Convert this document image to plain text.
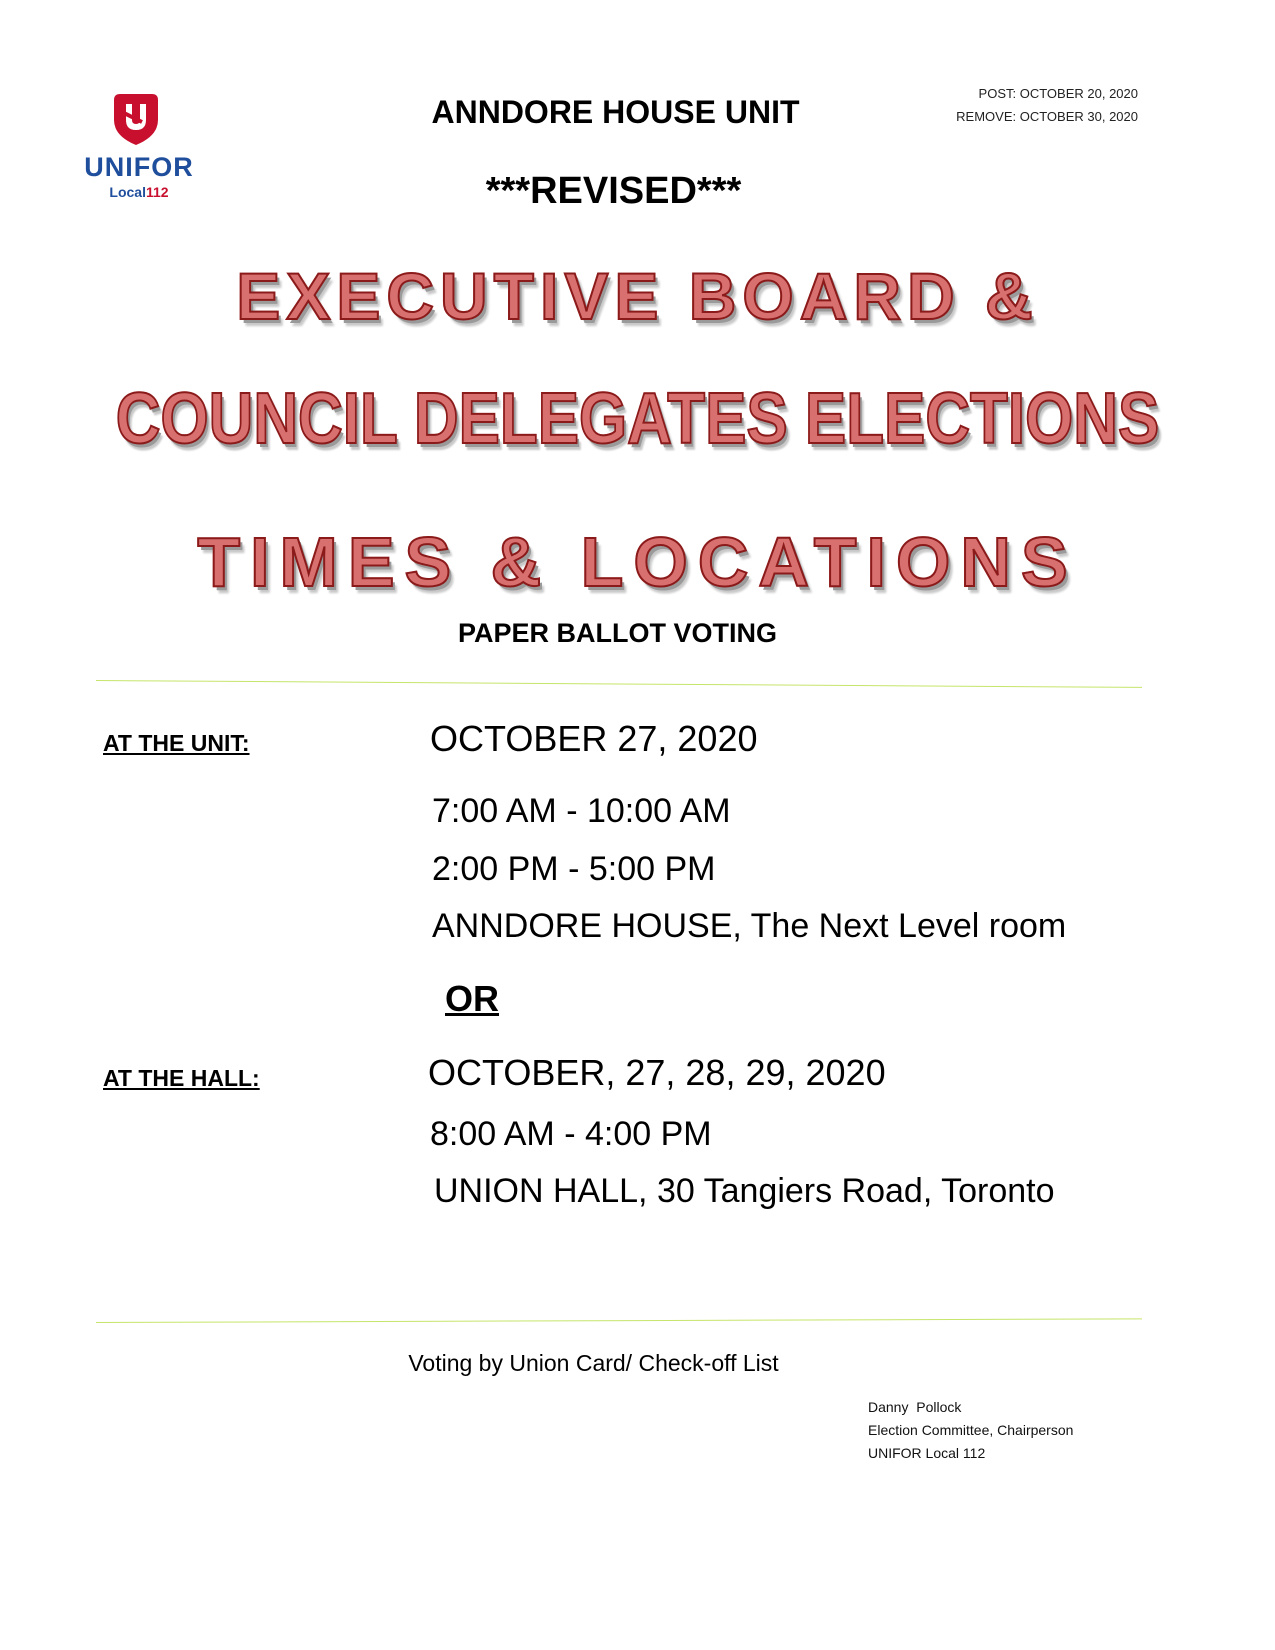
UNIFOR
Local112
POST: OCTOBER 20, 2020
REMOVE: OCTOBER 30, 2020
ANNDORE HOUSE UNIT
***REVISED***
EXECUTIVE BOARD &
COUNCIL DELEGATES ELECTIONS
TIMES & LOCATIONS
PAPER BALLOT VOTING
AT THE UNIT:	OCTOBER 27, 2020
7:00 AM - 10:00 AM
2:00 PM - 5:00 PM
ANNDORE HOUSE, The Next Level room
OR
AT THE HALL:	OCTOBER, 27, 28, 29, 2020
8:00 AM - 4:00 PM
UNION HALL, 30 Tangiers Road, Toronto
Voting by Union Card/ Check-off List
Danny  Pollock
Election Committee, Chairperson
UNIFOR Local 112
